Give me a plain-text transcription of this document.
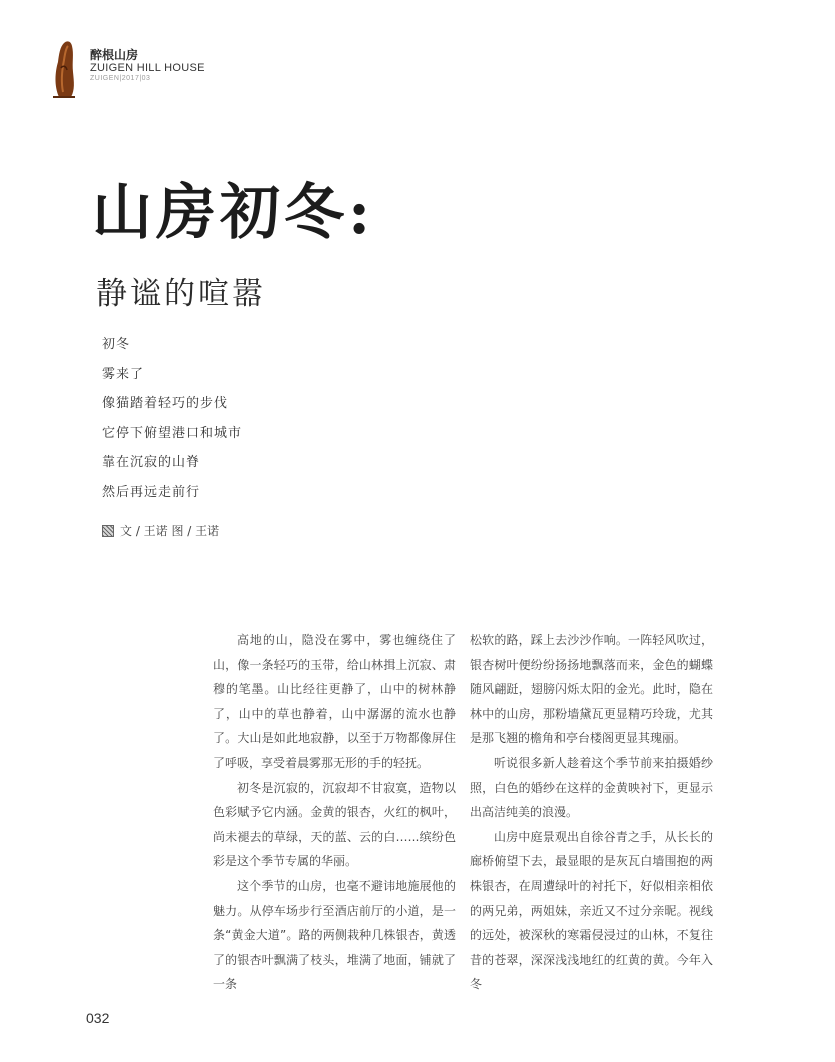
醉根山房
ZUIGEN HILL HOUSE
ZUIGEN|2017|03
山房初冬:
静谧的喧嚣
初冬
雾来了
像猫踏着轻巧的步伐
它停下俯望港口和城市
靠在沉寂的山脊
然后再远走前行
文 / 王诺 图 / 王诺

高地的山，隐没在雾中，雾也缠绕住了山，像一条轻巧的玉带，给山林揖上沉寂、肃穆的笔墨。山比经往更静了，山中的树林静了，山中的草也静着，山中潺潺的流水也静了。大山是如此地寂静，以至于万物都像屏住了呼吸，享受着晨雾那无形的手的轻抚。

初冬是沉寂的，沉寂却不甘寂寞，造物以色彩赋予它内涵。金黄的银杏，火红的枫叶，尚未褪去的草绿，天的蓝、云的白……缤纷色彩是这个季节专属的华丽。

这个季节的山房，也毫不避讳地施展他的魅力。从停车场步行至酒店前厅的小道，是一条“黄金大道”。路的两侧栽种几株银杏，黄透了的银杏叶飘满了枝头，堆满了地面，铺就了一条

松软的路，踩上去沙沙作响。一阵轻风吹过，银杏树叶便纷纷扬扬地飘落而来，金色的蝴蝶随风翩跹，翅膀闪烁太阳的金光。此时，隐在林中的山房，那粉墙黛瓦更显精巧玲珑，尤其是那飞翘的檐角和亭台楼阁更显其瑰丽。

听说很多新人趁着这个季节前来拍摄婚纱照，白色的婚纱在这样的金黄映衬下，更显示出高洁纯美的浪漫。

山房中庭景观出自徐谷青之手，从长长的廊桥俯望下去，最显眼的是灰瓦白墙围抱的两株银杏，在周遭绿叶的衬托下，好似相亲相依的两兄弟，两姐妹，亲近又不过分亲昵。视线的远处，被深秋的寒霜侵浸过的山林，不复往昔的苍翠，深深浅浅地红的红黄的黄。今年入冬

032
